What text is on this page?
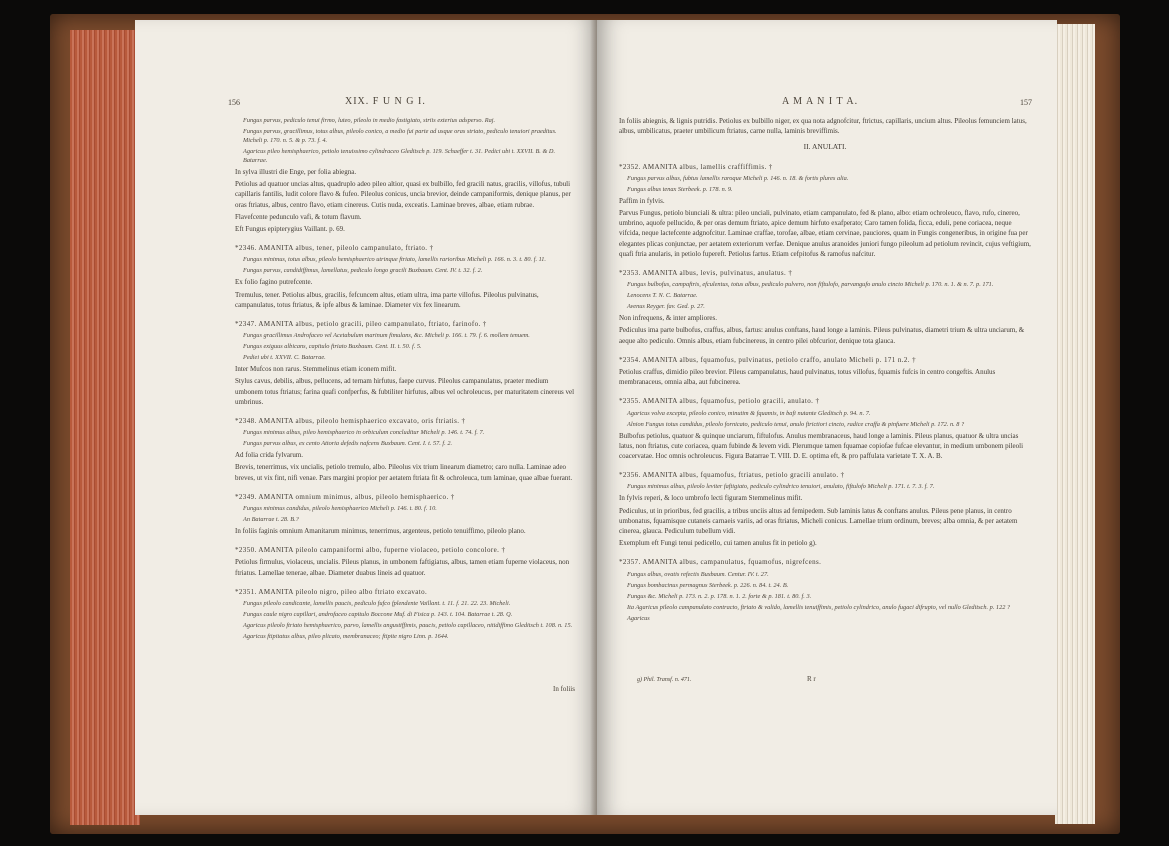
156	XIX. F U N G I.

Fungus parvus, pediculo tenui firmo, luteo, pileolo in medio fastigiato, striis exterius adsperso. Raj.

Fungus parvus, gracillimus, totus albus, pileolo conico, a medio fui parte ad usque oras striato, pediculo tenuiori praeditus. Micheli p. 170. n. 5. & p. 73. f. 4.

Agaricus pileo hemisphaerico, petiolo tenuissimo cylindraceo Gleditsch p. 119. Schaeffer t. 31. Pedici ubi t. XXVII. B. & D. Batarrae.

In sylva illustri die Enge, per folia abiegna.

Petiolus ad quatuor uncias altus, quadruplo adeo pileo altior, quasi ex bulbillo, fed gracili natus, gracilis, villofus, tubuli capillaris fantilis, ludit colore flavo & fufeo. Pileolus conicus, uncia brevior, deinde campaniformis, denique planus, per oras ftriatus, albus, centro flavo, etiam cinereus. Cutis nuda, exceatis. Laminae breves, albae, etiam rubrae.

Flavefcente pedunculo vafi, & totum flavum.

Eft Fungus epipterygius Vaillant. p. 69.

*2346. AMANITA albus, tener, pileolo campanulato, ftriato. †

Fungus minimus, totus albus, pileolo hemisphaerico utrinque ftriato, lamellis rarioribus Micheli p. 166. n. 3. t. 80. f. 11.

Fungus parvus, candidiffimus, lamellatus, pediculo longo gracili Buxbaum. Cent. IV. t. 32. f. 2.

Ex folio fagino putrefcente.

Tremulus, tener. Petiolus albus, gracilis, fefcuncem altus, etiam ultra, ima parte villofus. Pileolus pulvinatus, campanulatus, totus ftriatus, & ipfe albus & laminae. Diameter vix fex linearum.

*2347. AMANITA albus, petiolo gracili, pileo campanulato, ftriato, farinofo. †

Fungus gracillimus Androfaceo vel Acetabulum marinum fimulans, &c. Micheli p. 166. t. 79. f. 6. mollem tenuem.

Fungus exiguus albicans, capitulo ftriato Buxbaum. Cent. II. t. 50. f. 5.

Pediei ubi t. XXVII. C. Batarrae.

Inter Mufcos non rarus. Stemmelinus etiam iconem mifit.

Stylus cavus, debilis, albus, pellucens, ad ternam hirfutus, faepe curvus. Pileolus campanulatus, praeter medium umbonem totus ftriatus; farina quafi confperfus, & fubtiliter hirfutus, albus vel ochroleucus, per maturitatem cinereus vel umbrinus.

*2348. AMANITA albus, pileolo hemisphaerico excavato, oris ftriatis. †

Fungus minimus albus, pileo hemisphaerico in orbiculum concluditur Micheli p. 146. t. 74. f. 7.

Fungus parvus albus, ex cento Attoria defedis nafcens Buxbaum. Cent. I. t. 57. f. 2.

Ad folia crida fylvarum.

Brevis, tenerrimus, vix uncialis, petiolo tremulo, albo. Pileolus vix trium linearum diametro; caro nulla. Laminae adeo breves, ut vix fint, nifi venae. Pars margini propior per aetatem ftriata fit & ochroleuca, tum laminae, quae albae fuerant.

*2349. AMANITA omnium minimus, albus, pileolo hemisphaerico. †

Fungus minimus candidus, pileolo hemisphaerico Micheli p. 146. t. 80. f. 10.

An Batarrae t. 28. B.?

In foliis faginis omnium Amanitarum minimus, tenerrimus, argenteus, petiolo tenuiffimo, pileolo plano.

*2350. AMANITA pileolo campaniformi albo, fuperne violaceo, petiolo concolore. †

Petiolus firmulus, violaceus, uncialis. Pileus planus, in umbonem faftigiatus, albus, tamen etiam fuperne violaceus, non ftriatus. Lamellae tenerae, albae. Diameter duabus lineis ad quatuor.

*2351. AMANITA pileolo nigro, pileo albo ftriato excavato.

Fungus pileolo candicante, lamellis paucis, pediculo fufco fplendente Vaillant. t. 11. f. 21. 22. 23. Micheli.

Fungus caule nigro capillari, androfaceo capitulo Boccone Muf. di Fisica p. 143. t. 104. Batarrae t. 28. Q.

Agaricus pileolo ftriato hemisphaerico, parvo, lamellis angustiffimis, paucis, petiolo capillaceo, nitidiffimo Gleditsch t. 108. n. 15.

Agaricus ftipitatus albus, pileo plicato, membranaceo; ftipite nigro Linn. p. 1644.

In foliis
A M A N I T A.	157

In foliis abiegnis, & lignis putridis. Petiolus ex bulbillo niger, ex qua nota adgnofcitur, ftrictus, capillaris, uncium altus. Pileolus femunciem latus, albus, umbilicatus, praeter umbilicum ftriatus, carne nulla, laminis breviffimis.

II. ANULATI.

*2352. AMANITA albus, lamellis craffiffimis. †

Fungus parvus albus, fubtus lamellis raroque Micheli p. 146. n. 18. & fortis plures alia.

Fungus albus tenax Sterbeek. p. 178. n. 9.

Paffim in fylvis.

Parvus Fungus, petiolo biunciali & ultra: pileo unciali, pulvinato, etiam campanulato, fed & plano, albo: etiam ochroleuco, flavo, rufo, cinereo, umbrino, aquofe pellucido, & per oras demum ftriato, apice demum hirfuto exafperato; Caro tamen folida, ficca, eduli, pene coriacea, neque vifcida, neque lactefcente adgnofcitur. Laminae craffae, torofae, albae, etiam cervinae, pauciores, quam in Fungis congeneribus, in origine fua per elegantes plicas conjunctae, per aetatem exteriorum verfae. Denique anulus aranoides juniori fungo pileolum ad petiolum revincit, cujus veftigium, quafi ftria anularis, in petiolo fupereft. Petiolus fartus. Etiam cefpitofus & ramofus nafcitur.

*2353. AMANITA albus, levis, pulvinatus, anulatus. †

Fungus bulbofus, campaftris, efculentus, totus albus, pediculo pulvero, non fiftulofo, parvangufo anulo cincto Micheli p. 170. n. 1. & n. 7. p. 171.

Lenocens T. N. C. Batarrae.

Avenus Reyger. fav. Ged. p. 27.

Non infrequens, & inter ampliores.

Pediculus ima parte bulbofus, craffus, albus, fartus: anulus conftans, haud longe a laminis. Pileus pulvinatus, diametri trium & ultra unciarum, & aeque alto pediculo. Omnis albus, etiam fubcinereus, in centro pilei obfcurior, denique tota glauca.

*2354. AMANITA albus, fquamofus, pulvinatus, petiolo craffo, anulato Micheli p. 171 n.2. †

Petiolus craffus, dimidio pileo brevior. Pileus campanulatus, haud pulvinatus, totus villofus, fquamis fufcis in centro congeftis. Anulus membranaceus, omnia alba, aut fubcinerea.

*2355. AMANITA albus, fquamofus, petiolo gracili, anulato. †

Agaricus volva excepta, pileolo conico, minutim & fquamis, in bafi nutante Gleditsch p. 94. n. 7.

Alnion Fungus totus candidus, pileolo fornicato, pediculo tenui, anulo ftrictiori cincto, radice craffa & pinfuere Micheli p. 172. n. 8 ?

Bulbofus petiolus, quatuor & quinque unciarum, fiftulofus. Anulus membranaceus, haud longe a laminis. Pileus planus, quatuor & ultra uncias latus, non ftriatus, cute coriacea, quam fubinde & levem vidi. Plerumque tamen fquamae copiofae fufcae elevantur, in medium umbonem pileoli coacervatae. Hoc omnis ochroleucus. Figura Batarrae T. VIII. D. E. optima eft, & pro paffulata varietate T. X. A. B.

*2356. AMANITA albus, fquamofus, ftriatus, petiolo gracili anulato. †

Fungus minimus albus, pileolo leviter faftigiato, pediculo cylindrico tenuiori, anulato, fiftulofo Micheli p. 171. t. 7. 3. f. 7.

In fylvis reperi, & loco umbrofo lecti figuram Stemmelinus mifit.

Pediculus, ut in prioribus, fed gracilis, a tribus unciis altus ad femipedem. Sub laminis latus & conftans anulus. Pileus pene planus, in centro umbonatus, fquamisque cutaneis carnaeis variis, ad oras ftriatus, Micheli conicus. Lamellae trium ordinum, breves; alba omnia, & per aetatem cinerea, glauca. Pediculum tubellum vidi.

Exemplum eft Fungi tenui pedicello, cui tamen anulus fit in petiolo g).

*2357. AMANITA albus, campanulatus, fquamofus, nigrefcens.

Fungus albus, ovatis refectis Buxbaum. Centur. IV. t. 27.

Fungus bombacinus permagnus Sterbeek. p. 226. n. 84. t. 24. B.

Fungus &c. Micheli p. 173. n. 2. p. 178. n. 1. 2. forte & p. 181. t. 80. f. 3.

Ita Agaricus pileolo campanulato contracto, ftriato & valido, lamellis tenuiffimis, petiolo cylindrico, anulo fugaci difrupto, vel nullo Gleditsch. p. 122 ?

Agaricus

g) Phil. Transf. n. 471.	R r
